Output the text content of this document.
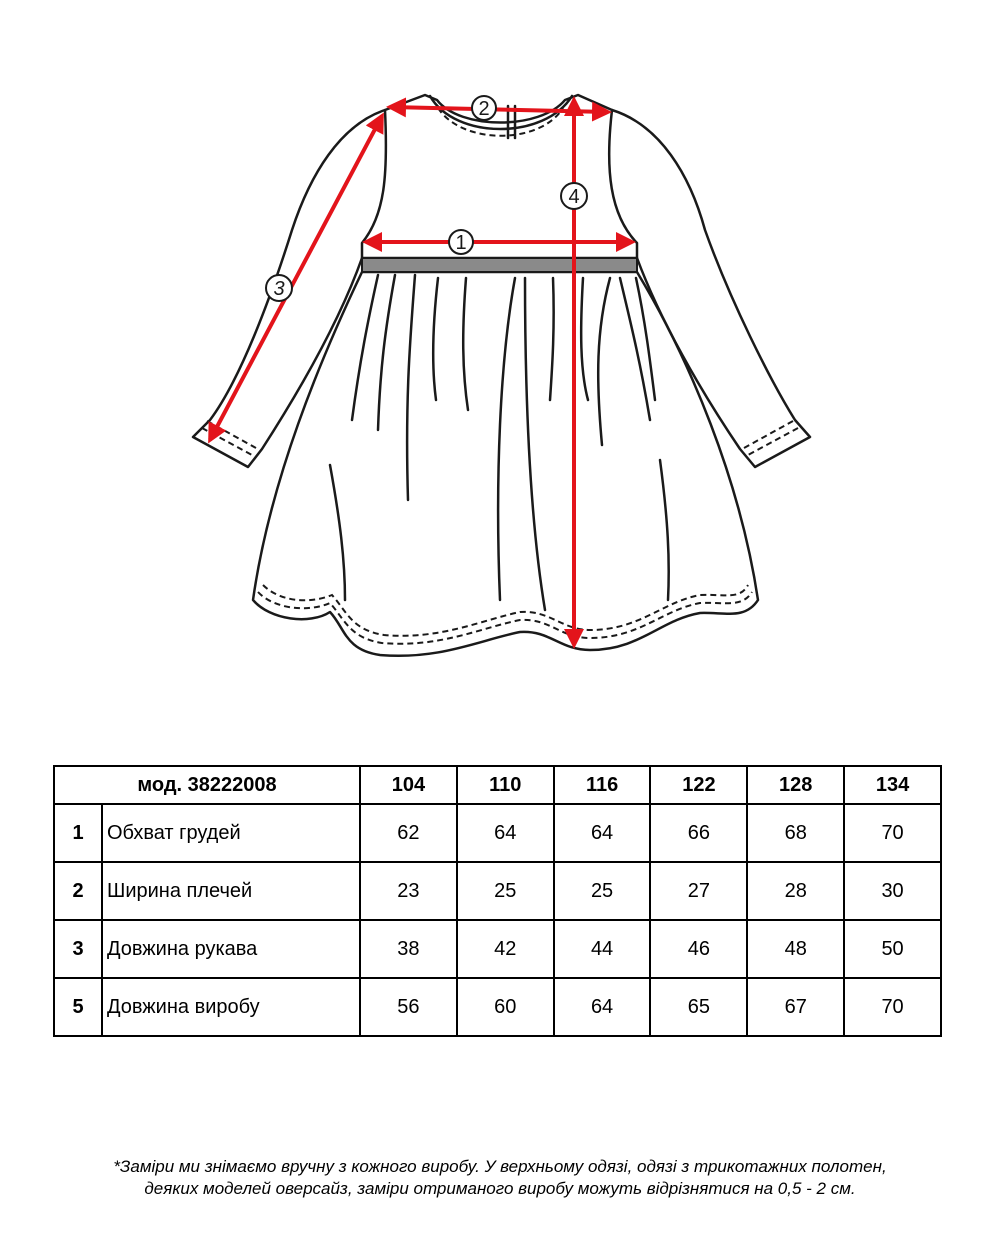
1
2
3
4
мод. 38222008		104	110	116	122	128	134
1	Обхват грудей	62	64	64	66	68	70
2	Ширина плечей	23	25	25	27	28	30
3	Довжина рукава	38	42	44	46	48	50
5	Довжина виробу	56	60	64	65	67	70
*Заміри ми знімаємо вручну з кожного виробу. У верхньому одязі, одязі з трикотажних полотен,
деяких моделей оверсайз, заміри отриманого виробу можуть відрізнятися на 0,5 - 2 см.
